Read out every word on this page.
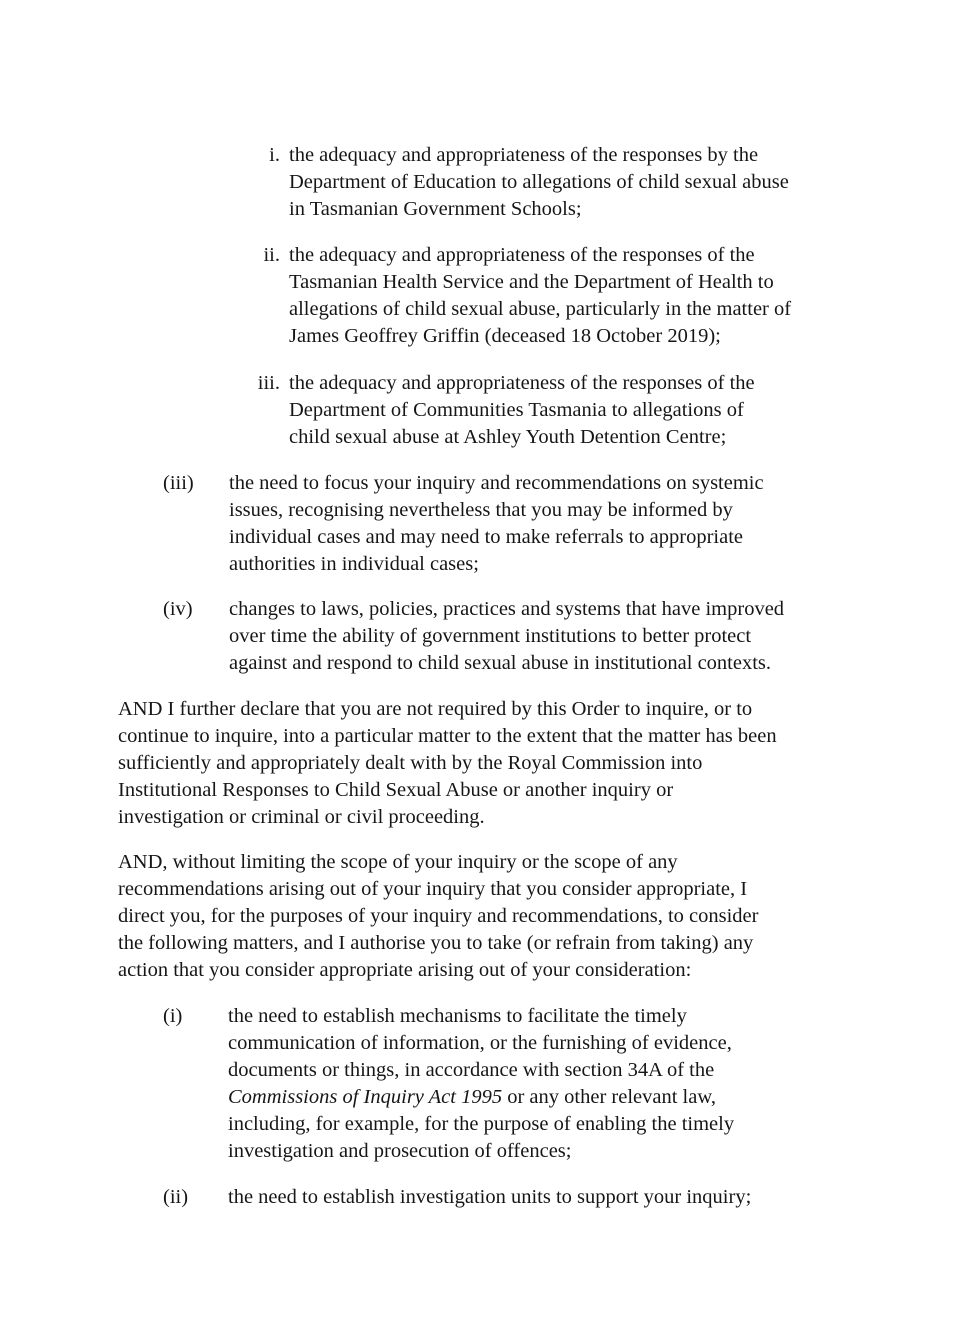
i. the adequacy and appropriateness of the responses by the
Department of Education to allegations of child sexual abuse
in Tasmanian Government Schools;
ii. the adequacy and appropriateness of the responses of the
Tasmanian Health Service and the Department of Health to
allegations of child sexual abuse, particularly in the matter of
James Geoffrey Griffin (deceased 18 October 2019);
iii. the adequacy and appropriateness of the responses of the
Department of Communities Tasmania to allegations of
child sexual abuse at Ashley Youth Detention Centre;
(iii) the need to focus your inquiry and recommendations on systemic
issues, recognising nevertheless that you may be informed by
individual cases and may need to make referrals to appropriate
authorities in individual cases;
(iv) changes to laws, policies, practices and systems that have improved
over time the ability of government institutions to better protect
against and respond to child sexual abuse in institutional contexts.
AND I further declare that you are not required by this Order to inquire, or to
continue to inquire, into a particular matter to the extent that the matter has been
sufficiently and appropriately dealt with by the Royal Commission into
Institutional Responses to Child Sexual Abuse or another inquiry or
investigation or criminal or civil proceeding.
AND, without limiting the scope of your inquiry or the scope of any
recommendations arising out of your inquiry that you consider appropriate, I
direct you, for the purposes of your inquiry and recommendations, to consider
the following matters, and I authorise you to take (or refrain from taking) any
action that you consider appropriate arising out of your consideration:
(i) the need to establish mechanisms to facilitate the timely
communication of information, or the furnishing of evidence,
documents or things, in accordance with section 34A of the
Commissions of Inquiry Act 1995 or any other relevant law,
including, for example, for the purpose of enabling the timely
investigation and prosecution of offences;
(ii) the need to establish investigation units to support your inquiry;
